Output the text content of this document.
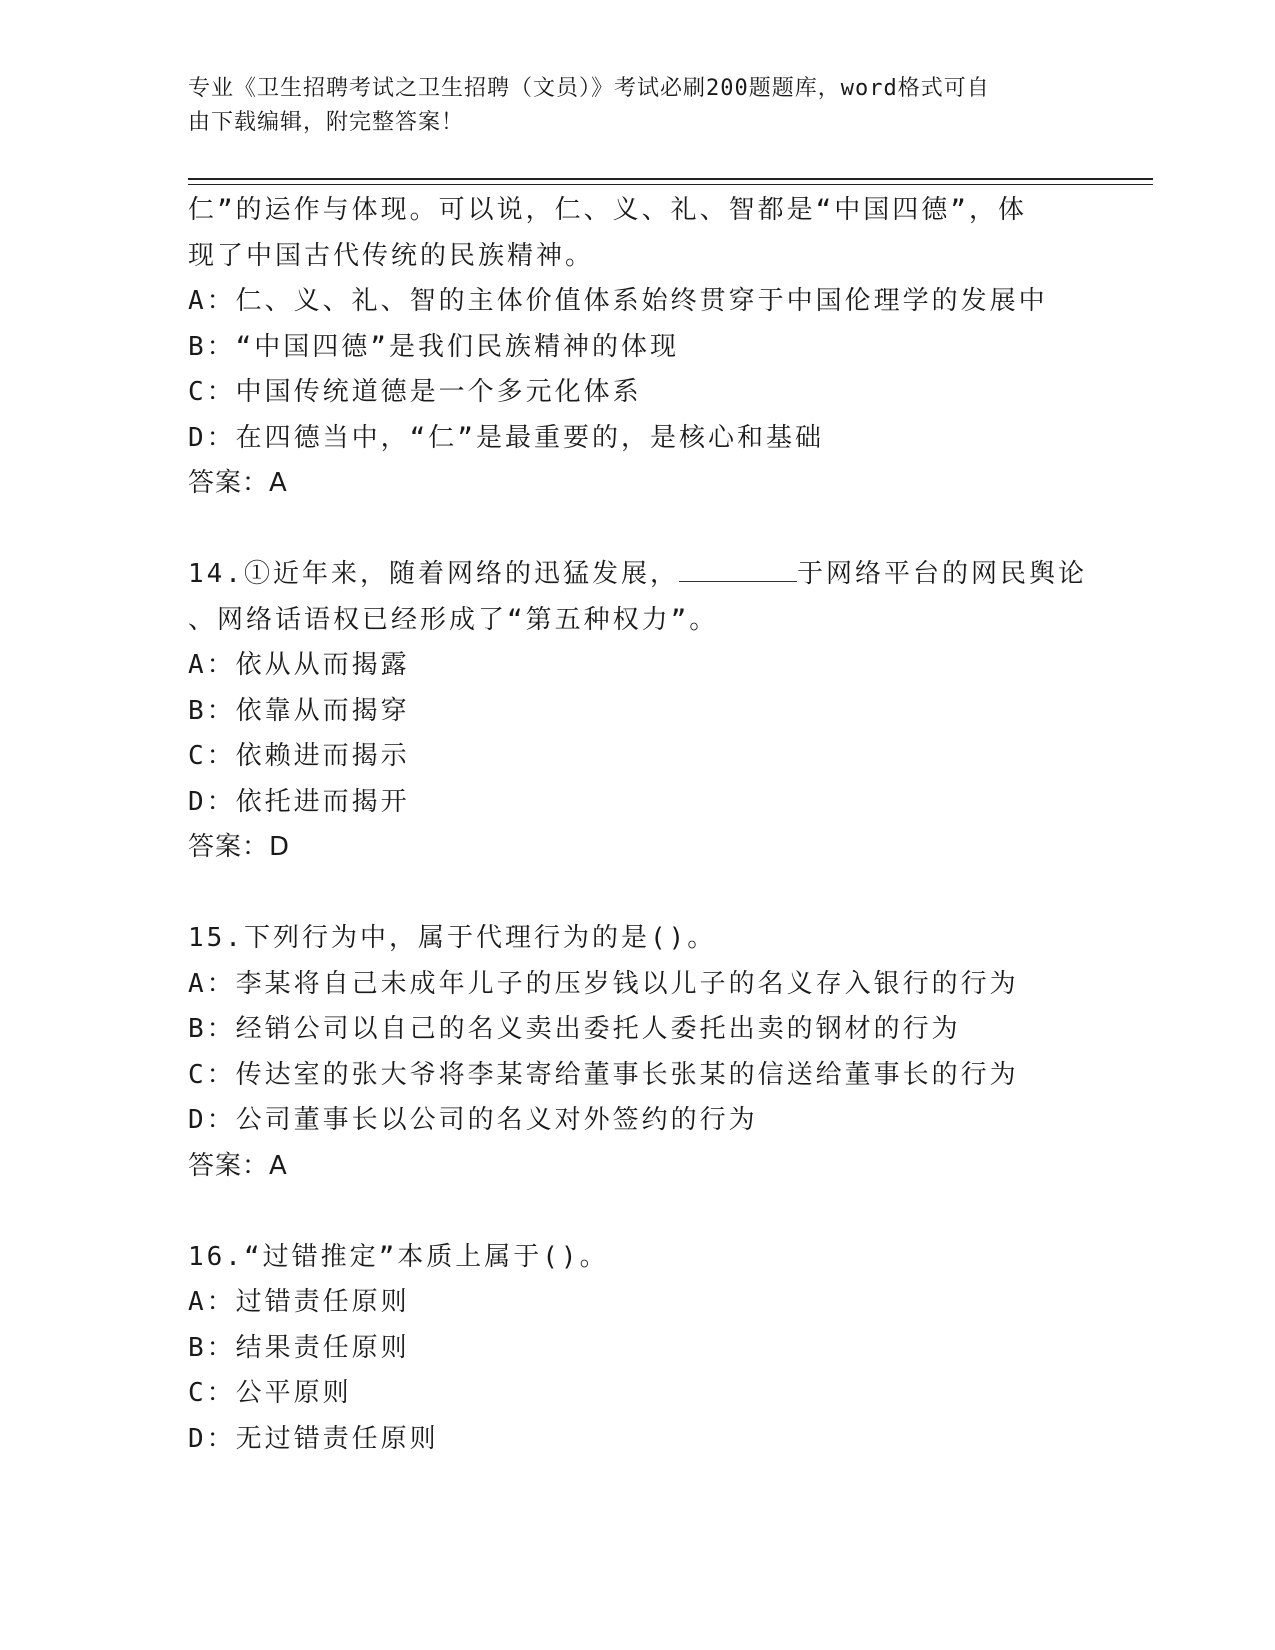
专业《卫生招聘考试之卫生招聘（文员）》考试必刷200题题库，word格式可自
由下载编辑，附完整答案！
仁”的运作与体现。可以说，仁、义、礼、智都是“中国四德”，体
现了中国古代传统的民族精神。
A：仁、义、礼、智的主体价值体系始终贯穿于中国伦理学的发展中
B：“中国四德”是我们民族精神的体现
C：中国传统道德是一个多元化体系
D：在四德当中，“仁”是最重要的，是核心和基础
答案：A
14.①近年来，随着网络的迅猛发展，	于网络平台的网民舆论
、网络话语权已经形成了“第五种权力”。
A：依从从而揭露
B：依靠从而揭穿
C：依赖进而揭示
D：依托进而揭开
答案：D
15.下列行为中，属于代理行为的是()。
A：李某将自己未成年儿子的压岁钱以儿子的名义存入银行的行为
B：经销公司以自己的名义卖出委托人委托出卖的钢材的行为
C：传达室的张大爷将李某寄给董事长张某的信送给董事长的行为
D：公司董事长以公司的名义对外签约的行为
答案：A
16.“过错推定”本质上属于()。
A：过错责任原则
B：结果责任原则
C：公平原则
D：无过错责任原则
